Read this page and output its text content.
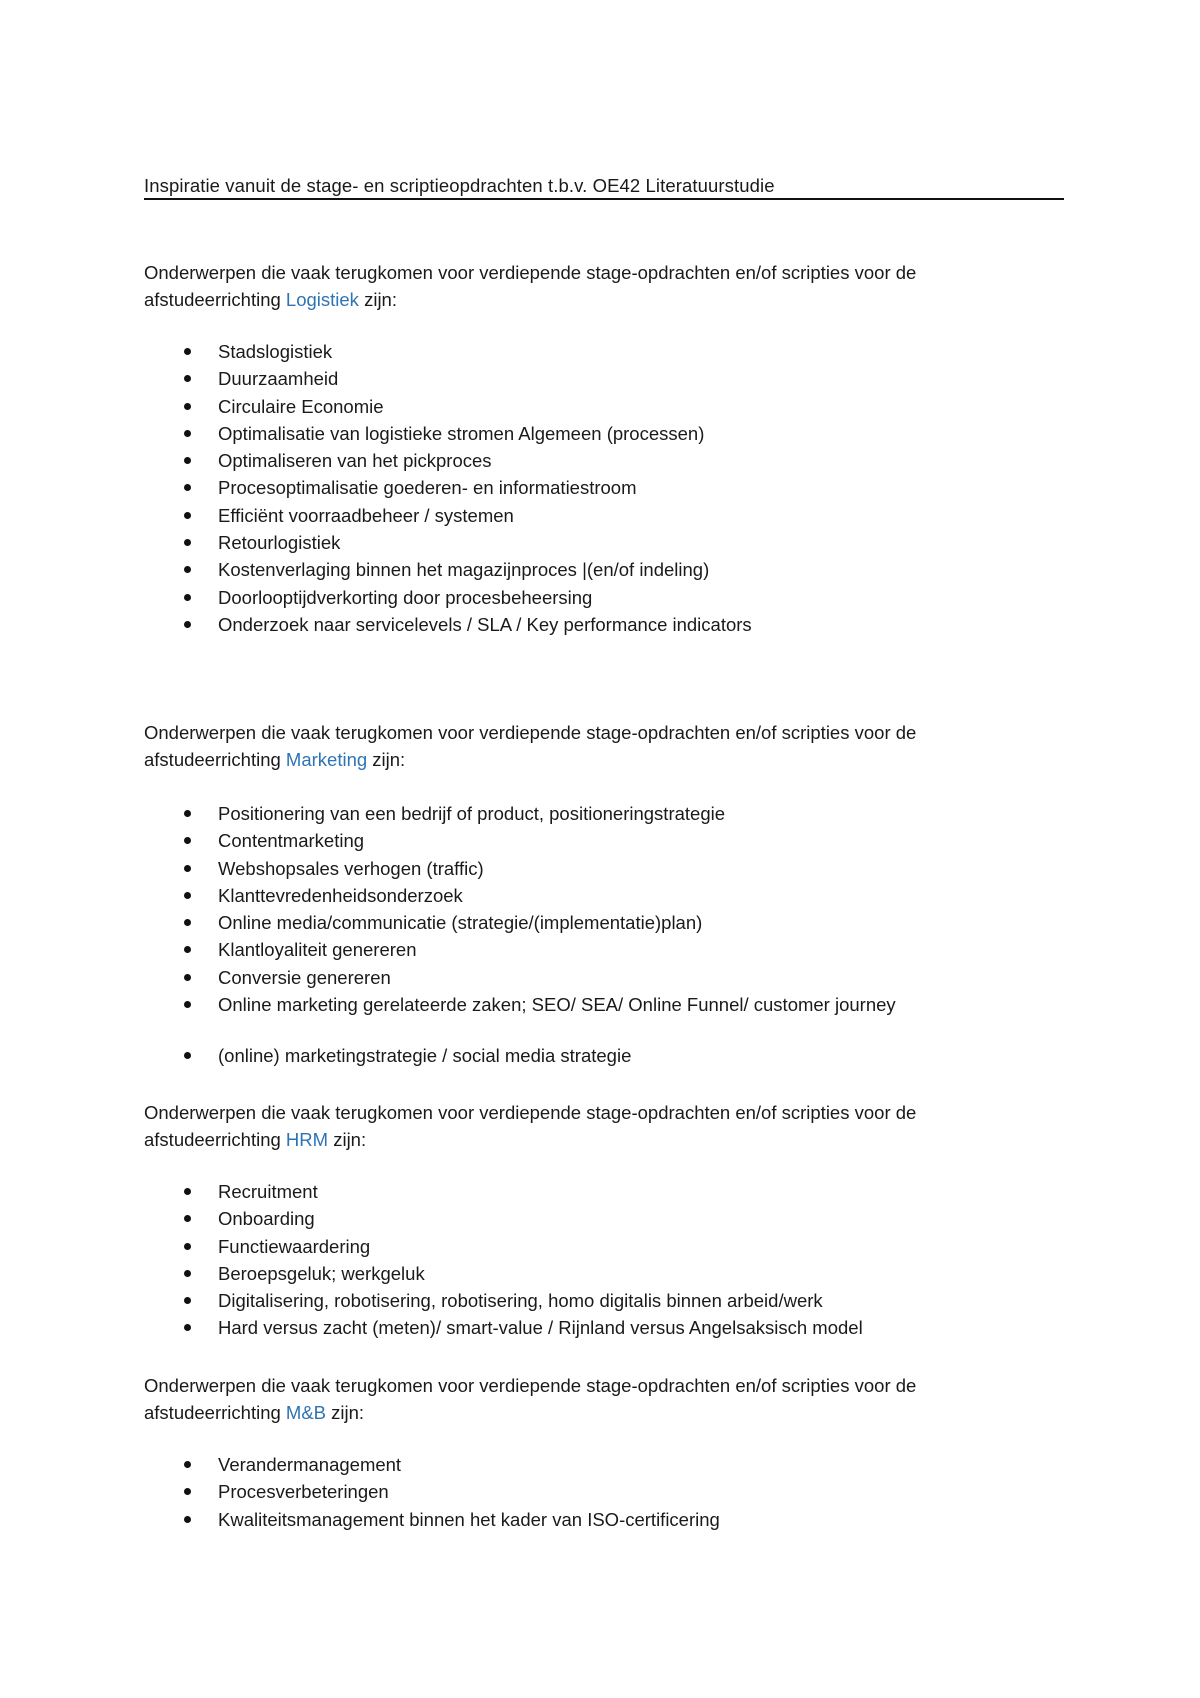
Inspiratie vanuit de stage- en scriptieopdrachten t.b.v. OE42 Literatuurstudie

Onderwerpen die vaak terugkomen voor verdiepende stage-opdrachten en/of scripties voor de
afstudeerrichting Logistiek zijn:

Stadslogistiek
Duurzaamheid
Circulaire Economie
Optimalisatie van logistieke stromen Algemeen (processen)
Optimaliseren van het pickproces
Procesoptimalisatie goederen- en informatiestroom
Efficiënt voorraadbeheer / systemen
Retourlogistiek
Kostenverlaging binnen het magazijnproces |(en/of indeling)
Doorlooptijdverkorting door procesbeheersing
Onderzoek naar servicelevels / SLA / Key performance indicators

Onderwerpen die vaak terugkomen voor verdiepende stage-opdrachten en/of scripties voor de
afstudeerrichting Marketing zijn:

Positionering van een bedrijf of product, positioneringstrategie
Contentmarketing
Webshopsales verhogen (traffic)
Klanttevredenheidsonderzoek
Online media/communicatie (strategie/(implementatie)plan)
Klantloyaliteit genereren
Conversie genereren
Online marketing gerelateerde zaken; SEO/ SEA/ Online Funnel/ customer journey
(online) marketingstrategie / social media strategie

Onderwerpen die vaak terugkomen voor verdiepende stage-opdrachten en/of scripties voor de
afstudeerrichting HRM zijn:

Recruitment
Onboarding
Functiewaardering
Beroepsgeluk; werkgeluk
Digitalisering, robotisering, robotisering, homo digitalis binnen arbeid/werk
Hard versus zacht (meten)/ smart-value / Rijnland versus Angelsaksisch model

Onderwerpen die vaak terugkomen voor verdiepende stage-opdrachten en/of scripties voor de
afstudeerrichting M&B zijn:

Verandermanagement
Procesverbeteringen
Kwaliteitsmanagement binnen het kader van ISO-certificering
